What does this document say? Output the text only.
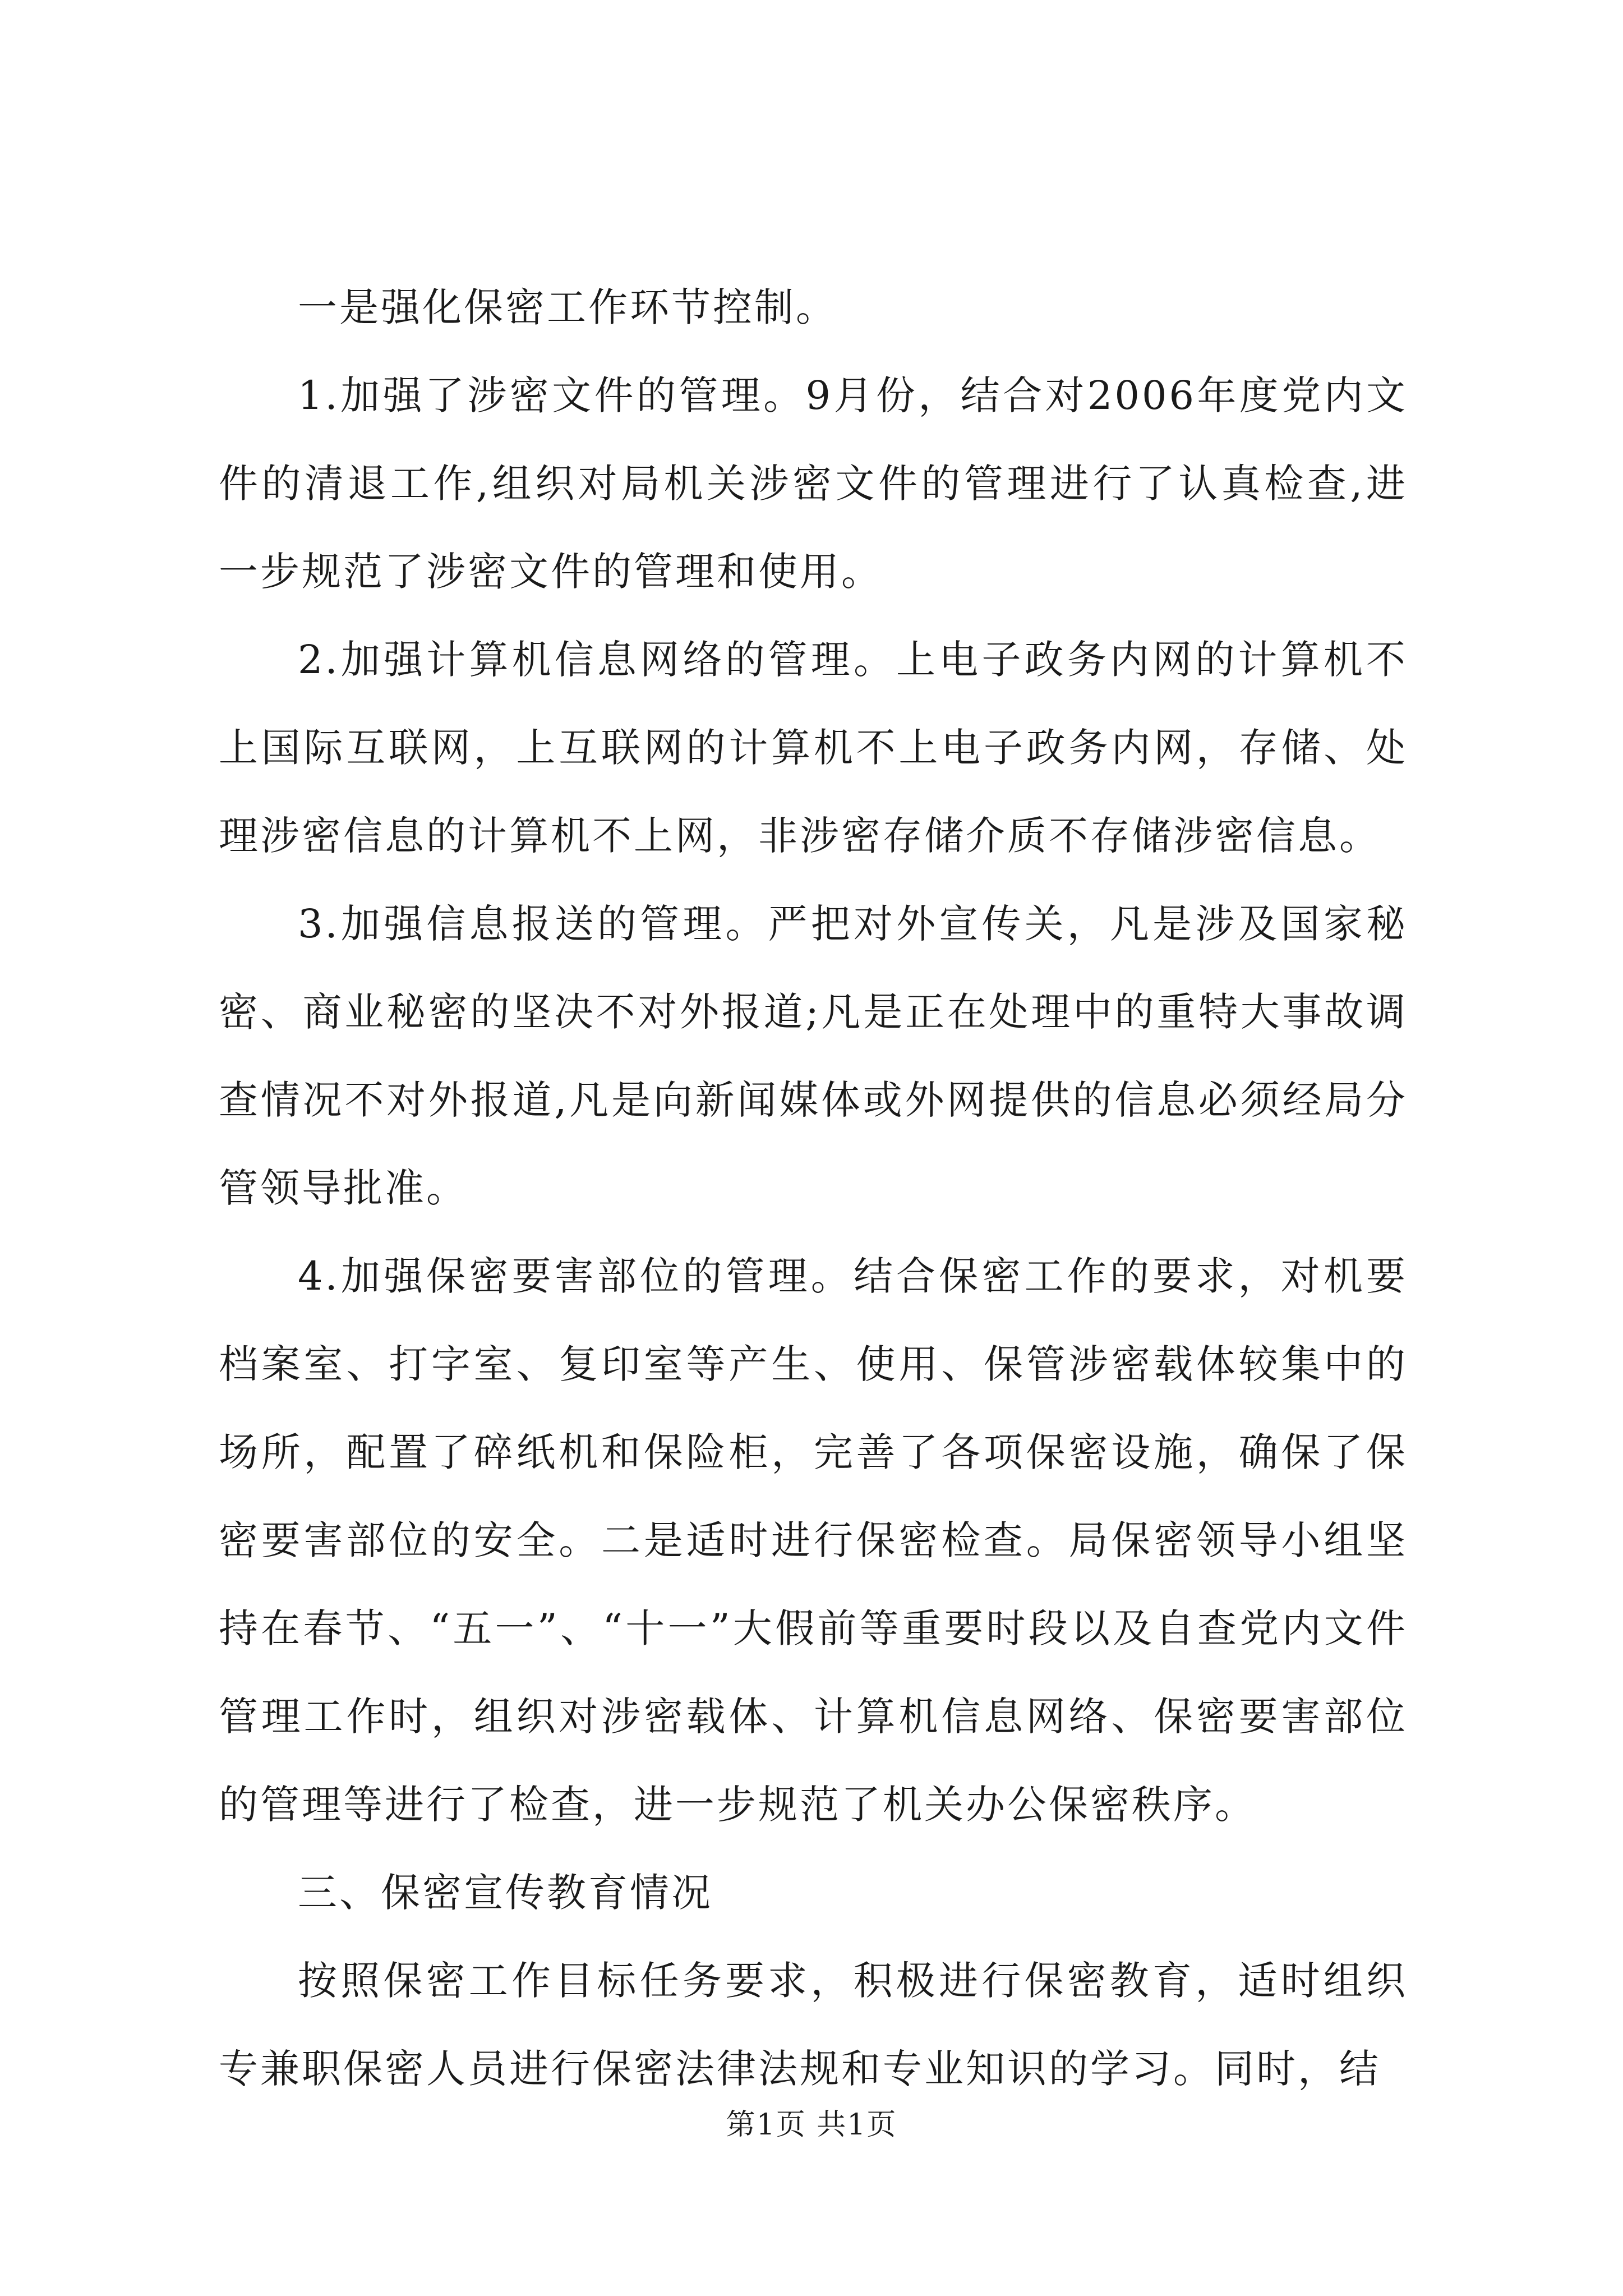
一是强化保密工作环节控制。

1.加强了涉密文件的管理。9月份，结合对2006年度党内文件的清退工作,组织对局机关涉密文件的管理进行了认真检查,进一步规范了涉密文件的管理和使用。

2.加强计算机信息网络的管理。上电子政务内网的计算机不上国际互联网，上互联网的计算机不上电子政务内网，存储、处理涉密信息的计算机不上网，非涉密存储介质不存储涉密信息。

3.加强信息报送的管理。严把对外宣传关，凡是涉及国家秘密、商业秘密的坚决不对外报道;凡是正在处理中的重特大事故调查情况不对外报道,凡是向新闻媒体或外网提供的信息必须经局分管领导批准。

4.加强保密要害部位的管理。结合保密工作的要求，对机要档案室、打字室、复印室等产生、使用、保管涉密载体较集中的场所，配置了碎纸机和保险柜，完善了各项保密设施，确保了保密要害部位的安全。二是适时进行保密检查。局保密领导小组坚持在春节、“五一”、“十一”大假前等重要时段以及自查党内文件管理工作时，组织对涉密载体、计算机信息网络、保密要害部位的管理等进行了检查，进一步规范了机关办公保密秩序。

三、保密宣传教育情况

按照保密工作目标任务要求，积极进行保密教育，适时组织专兼职保密人员进行保密法律法规和专业知识的学习。同时，结

第1页 共1页
